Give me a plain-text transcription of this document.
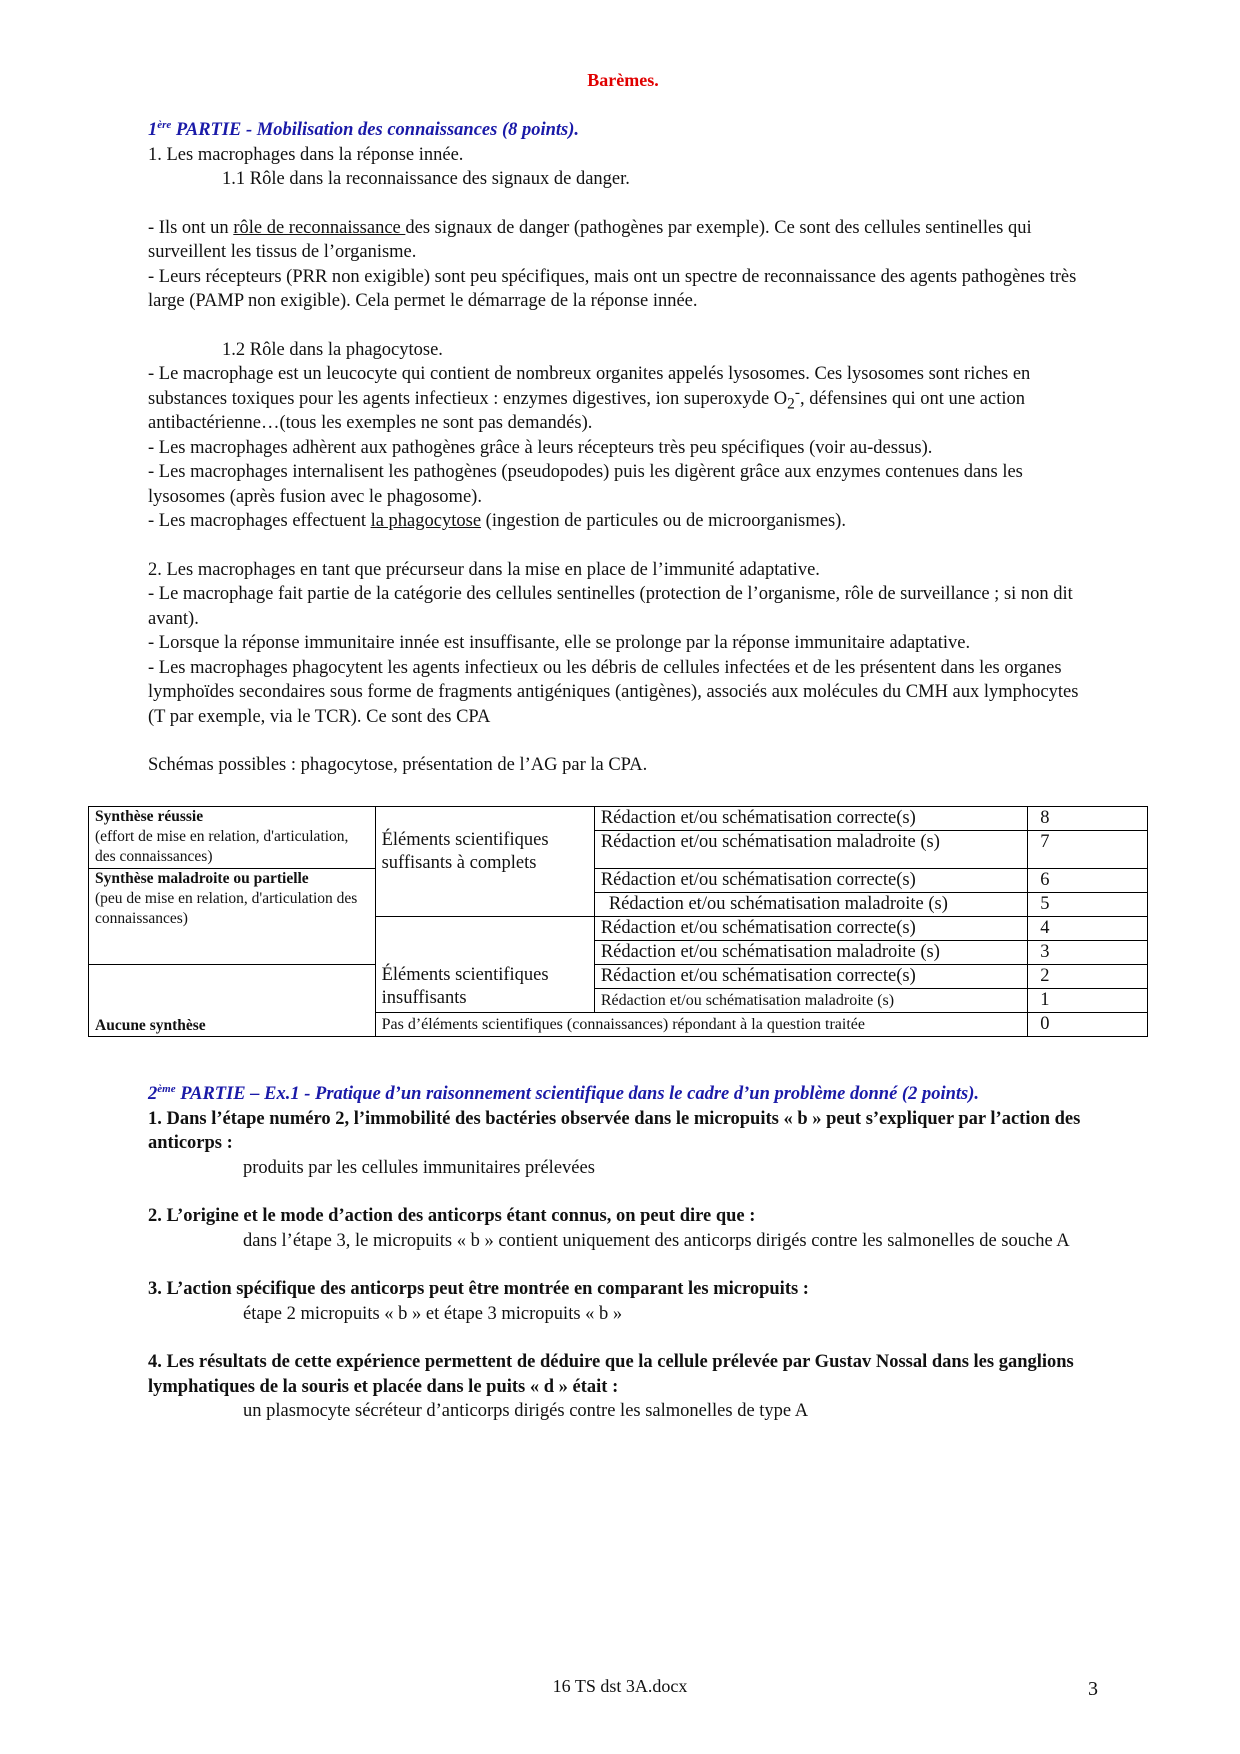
Barèmes.

1ère PARTIE - Mobilisation des connaissances (8 points).

1. Les macrophages dans la réponse innée.

1.1 Rôle dans la reconnaissance des signaux de danger.

- Ils ont un rôle de reconnaissance des signaux de danger (pathogènes par exemple). Ce sont des cellules sentinelles qui surveillent les tissus de l’organisme.

- Leurs récepteurs (PRR non exigible) sont peu spécifiques, mais ont un spectre de reconnaissance des agents pathogènes très large (PAMP non exigible). Cela permet le démarrage de la réponse innée.

1.2 Rôle dans la phagocytose.

- Le macrophage est un leucocyte qui contient de nombreux organites appelés lysosomes. Ces lysosomes sont riches en substances toxiques pour les agents infectieux : enzymes digestives, ion superoxyde $O_2^-$, défensines qui ont une action antibactérienne…(tous les exemples ne sont pas demandés).

- Les macrophages adhèrent aux pathogènes grâce à leurs récepteurs très peu spécifiques (voir au-dessus).

- Les macrophages internalisent les pathogènes (pseudopodes) puis les digèrent grâce aux enzymes contenues dans les lysosomes (après fusion avec le phagosome).

- Les macrophages effectuent la phagocytose (ingestion de particules ou de microorganismes).

2. Les macrophages en tant que précurseur dans la mise en place de l’immunité adaptative.

- Le macrophage fait partie de la catégorie des cellules sentinelles (protection de l’organisme, rôle de surveillance ; si non dit avant).

- Lorsque la réponse immunitaire innée est insuffisante, elle se prolonge par la réponse immunitaire adaptative.

- Les macrophages phagocytent les agents infectieux ou les débris de cellules infectées et de les présentent dans les organes lymphoïdes secondaires sous forme de fragments antigéniques (antigènes), associés aux molécules du CMH aux lymphocytes (T par exemple, via le TCR). Ce sont des CPA

Schémas possibles : phagocytose, présentation de l’AG par la CPA.

Synthèse réussie
(effort de mise en relation, d'articulation, des connaissances)	Éléments scientifiques suffisants à complets	Rédaction et/ou schématisation correcte(s)	8
		Rédaction et/ou schématisation maladroite (s)	7
Synthèse maladroite ou partielle
(peu de mise en relation, d'articulation des connaissances)		Rédaction et/ou schématisation correcte(s)	6
		Rédaction et/ou schématisation maladroite (s)	5
	Éléments scientifiques insuffisants	Rédaction et/ou schématisation correcte(s)	4
		Rédaction et/ou schématisation maladroite (s)	3
Aucune synthèse		Rédaction et/ou schématisation correcte(s)	2
		Rédaction et/ou schématisation maladroite (s)	1
	Pas d’éléments scientifiques (connaissances) répondant à la question traitée		0

2ème PARTIE – Ex.1 - Pratique d’un raisonnement scientifique dans le cadre d’un problème donné (2 points).

1. Dans l’étape numéro 2, l’immobilité des bactéries observée dans le micropuits « b » peut s’expliquer par l’action des anticorps :

produits par les cellules immunitaires prélevées

2. L’origine et le mode d’action des anticorps étant connus, on peut dire que :

dans l’étape 3, le micropuits « b » contient uniquement des anticorps dirigés contre les salmonelles de souche A

3. L’action spécifique des anticorps peut être montrée en comparant les micropuits :

étape 2 micropuits « b » et étape 3 micropuits « b »

4. Les résultats de cette expérience permettent de déduire que la cellule prélevée par Gustav Nossal dans les ganglions lymphatiques de la souris et placée dans le puits « d » était :

un plasmocyte sécréteur d’anticorps dirigés contre les salmonelles de type A

16 TS dst 3A.docx	3
